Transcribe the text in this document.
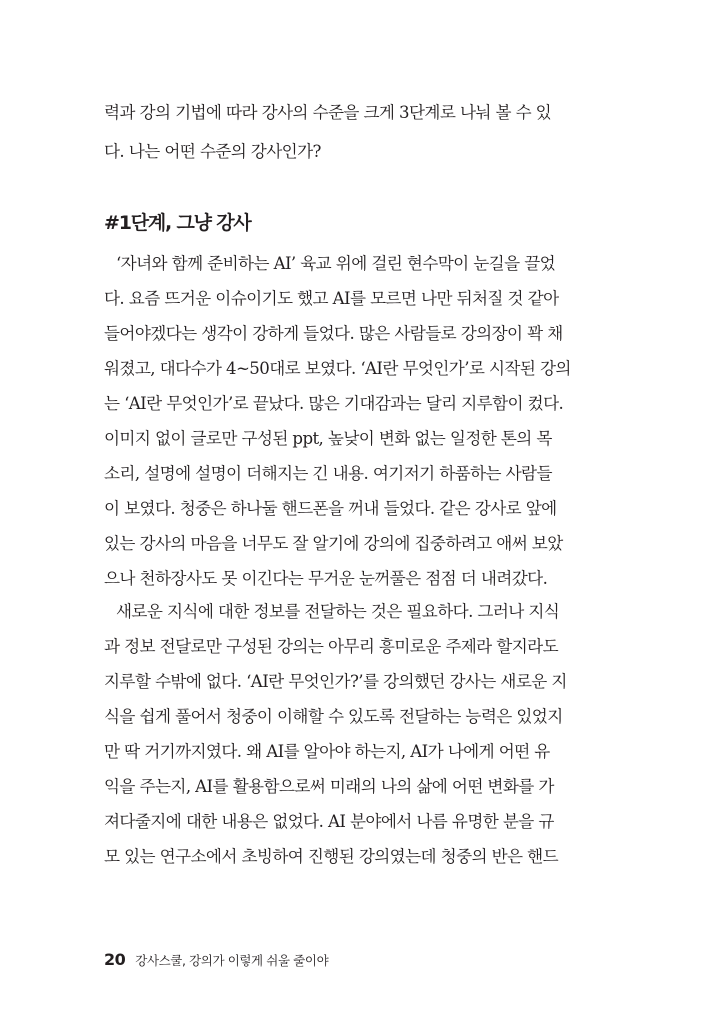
력과 강의 기법에 따라 강사의 수준을 크게 3단계로 나눠 볼 수 있
다. 나는 어떤 수준의 강사인가?
#1단계, 그냥 강사
‘자녀와 함께 준비하는 AI’ 육교 위에 걸린 현수막이 눈길을 끌었
다. 요즘 뜨거운 이슈이기도 했고 AI를 모르면 나만 뒤처질 것 같아
들어야겠다는 생각이 강하게 들었다. 많은 사람들로 강의장이 꽉 채
워졌고, 대다수가 4~50대로 보였다. ‘AI란 무엇인가’로 시작된 강의
는 ‘AI란 무엇인가’로 끝났다. 많은 기대감과는 달리 지루함이 컸다.
이미지 없이 글로만 구성된 ppt, 높낮이 변화 없는 일정한 톤의 목
소리, 설명에 설명이 더해지는 긴 내용. 여기저기 하품하는 사람들
이 보였다. 청중은 하나둘 핸드폰을 꺼내 들었다. 같은 강사로 앞에
있는 강사의 마음을 너무도 잘 알기에 강의에 집중하려고 애써 보았
으나 천하장사도 못 이긴다는 무거운 눈꺼풀은 점점 더 내려갔다.
새로운 지식에 대한 정보를 전달하는 것은 필요하다. 그러나 지식
과 정보 전달로만 구성된 강의는 아무리 흥미로운 주제라 할지라도
지루할 수밖에 없다. ‘AI란 무엇인가?’를 강의했던 강사는 새로운 지
식을 쉽게 풀어서 청중이 이해할 수 있도록 전달하는 능력은 있었지
만 딱 거기까지였다. 왜 AI를 알아야 하는지, AI가 나에게 어떤 유
익을 주는지, AI를 활용함으로써 미래의 나의 삶에 어떤 변화를 가
져다줄지에 대한 내용은 없었다. AI 분야에서 나름 유명한 분을 규
모 있는 연구소에서 초빙하여 진행된 강의였는데 청중의 반은 핸드
20 강사스쿨, 강의가 이렇게 쉬울 줄이야
